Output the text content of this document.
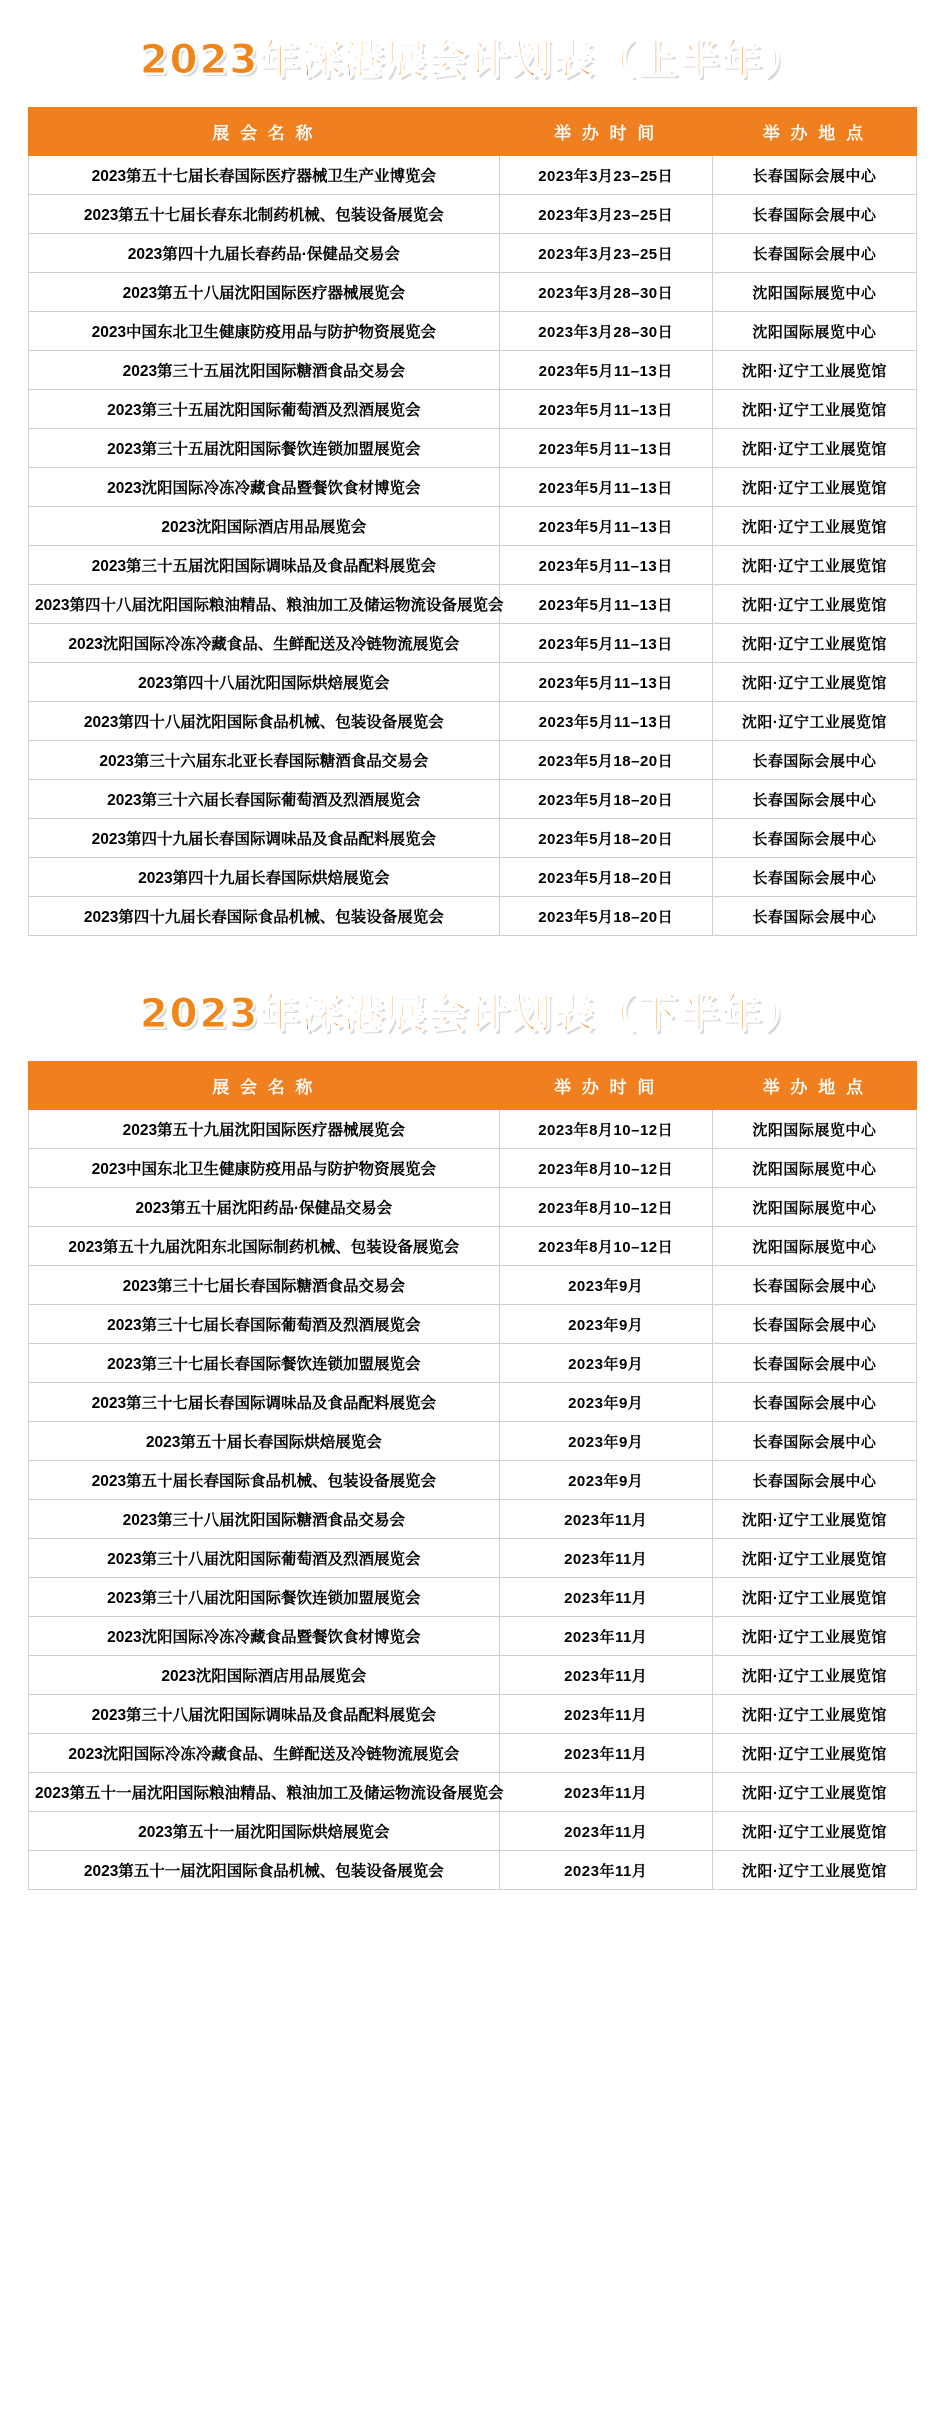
2023年深港展会计划表（上半年）
展 会 名 称	举 办 时 间	举 办 地 点
2023第五十七届长春国际医疗器械卫生产业博览会	2023年3月23–25日	长春国际会展中心
2023第五十七届长春东北制药机械、包装设备展览会	2023年3月23–25日	长春国际会展中心
2023第四十九届长春药品·保健品交易会	2023年3月23–25日	长春国际会展中心
2023第五十八届沈阳国际医疗器械展览会	2023年3月28–30日	沈阳国际展览中心
2023中国东北卫生健康防疫用品与防护物资展览会	2023年3月28–30日	沈阳国际展览中心
2023第三十五届沈阳国际糖酒食品交易会	2023年5月11–13日	沈阳·辽宁工业展览馆
2023第三十五届沈阳国际葡萄酒及烈酒展览会	2023年5月11–13日	沈阳·辽宁工业展览馆
2023第三十五届沈阳国际餐饮连锁加盟展览会	2023年5月11–13日	沈阳·辽宁工业展览馆
2023沈阳国际冷冻冷藏食品暨餐饮食材博览会	2023年5月11–13日	沈阳·辽宁工业展览馆
2023沈阳国际酒店用品展览会	2023年5月11–13日	沈阳·辽宁工业展览馆
2023第三十五届沈阳国际调味品及食品配料展览会	2023年5月11–13日	沈阳·辽宁工业展览馆
2023第四十八届沈阳国际粮油精品、粮油加工及储运物流设备展览会	2023年5月11–13日	沈阳·辽宁工业展览馆
2023沈阳国际冷冻冷藏食品、生鲜配送及冷链物流展览会	2023年5月11–13日	沈阳·辽宁工业展览馆
2023第四十八届沈阳国际烘焙展览会	2023年5月11–13日	沈阳·辽宁工业展览馆
2023第四十八届沈阳国际食品机械、包装设备展览会	2023年5月11–13日	沈阳·辽宁工业展览馆
2023第三十六届东北亚长春国际糖酒食品交易会	2023年5月18–20日	长春国际会展中心
2023第三十六届长春国际葡萄酒及烈酒展览会	2023年5月18–20日	长春国际会展中心
2023第四十九届长春国际调味品及食品配料展览会	2023年5月18–20日	长春国际会展中心
2023第四十九届长春国际烘焙展览会	2023年5月18–20日	长春国际会展中心
2023第四十九届长春国际食品机械、包装设备展览会	2023年5月18–20日	长春国际会展中心
2023年深港展会计划表（下半年）
展 会 名 称	举 办 时 间	举 办 地 点
2023第五十九届沈阳国际医疗器械展览会	2023年8月10–12日	沈阳国际展览中心
2023中国东北卫生健康防疫用品与防护物资展览会	2023年8月10–12日	沈阳国际展览中心
2023第五十届沈阳药品·保健品交易会	2023年8月10–12日	沈阳国际展览中心
2023第五十九届沈阳东北国际制药机械、包装设备展览会	2023年8月10–12日	沈阳国际展览中心
2023第三十七届长春国际糖酒食品交易会	2023年9月	长春国际会展中心
2023第三十七届长春国际葡萄酒及烈酒展览会	2023年9月	长春国际会展中心
2023第三十七届长春国际餐饮连锁加盟展览会	2023年9月	长春国际会展中心
2023第三十七届长春国际调味品及食品配料展览会	2023年9月	长春国际会展中心
2023第五十届长春国际烘焙展览会	2023年9月	长春国际会展中心
2023第五十届长春国际食品机械、包装设备展览会	2023年9月	长春国际会展中心
2023第三十八届沈阳国际糖酒食品交易会	2023年11月	沈阳·辽宁工业展览馆
2023第三十八届沈阳国际葡萄酒及烈酒展览会	2023年11月	沈阳·辽宁工业展览馆
2023第三十八届沈阳国际餐饮连锁加盟展览会	2023年11月	沈阳·辽宁工业展览馆
2023沈阳国际冷冻冷藏食品暨餐饮食材博览会	2023年11月	沈阳·辽宁工业展览馆
2023沈阳国际酒店用品展览会	2023年11月	沈阳·辽宁工业展览馆
2023第三十八届沈阳国际调味品及食品配料展览会	2023年11月	沈阳·辽宁工业展览馆
2023沈阳国际冷冻冷藏食品、生鲜配送及冷链物流展览会	2023年11月	沈阳·辽宁工业展览馆
2023第五十一届沈阳国际粮油精品、粮油加工及储运物流设备展览会	2023年11月	沈阳·辽宁工业展览馆
2023第五十一届沈阳国际烘焙展览会	2023年11月	沈阳·辽宁工业展览馆
2023第五十一届沈阳国际食品机械、包装设备展览会	2023年11月	沈阳·辽宁工业展览馆
